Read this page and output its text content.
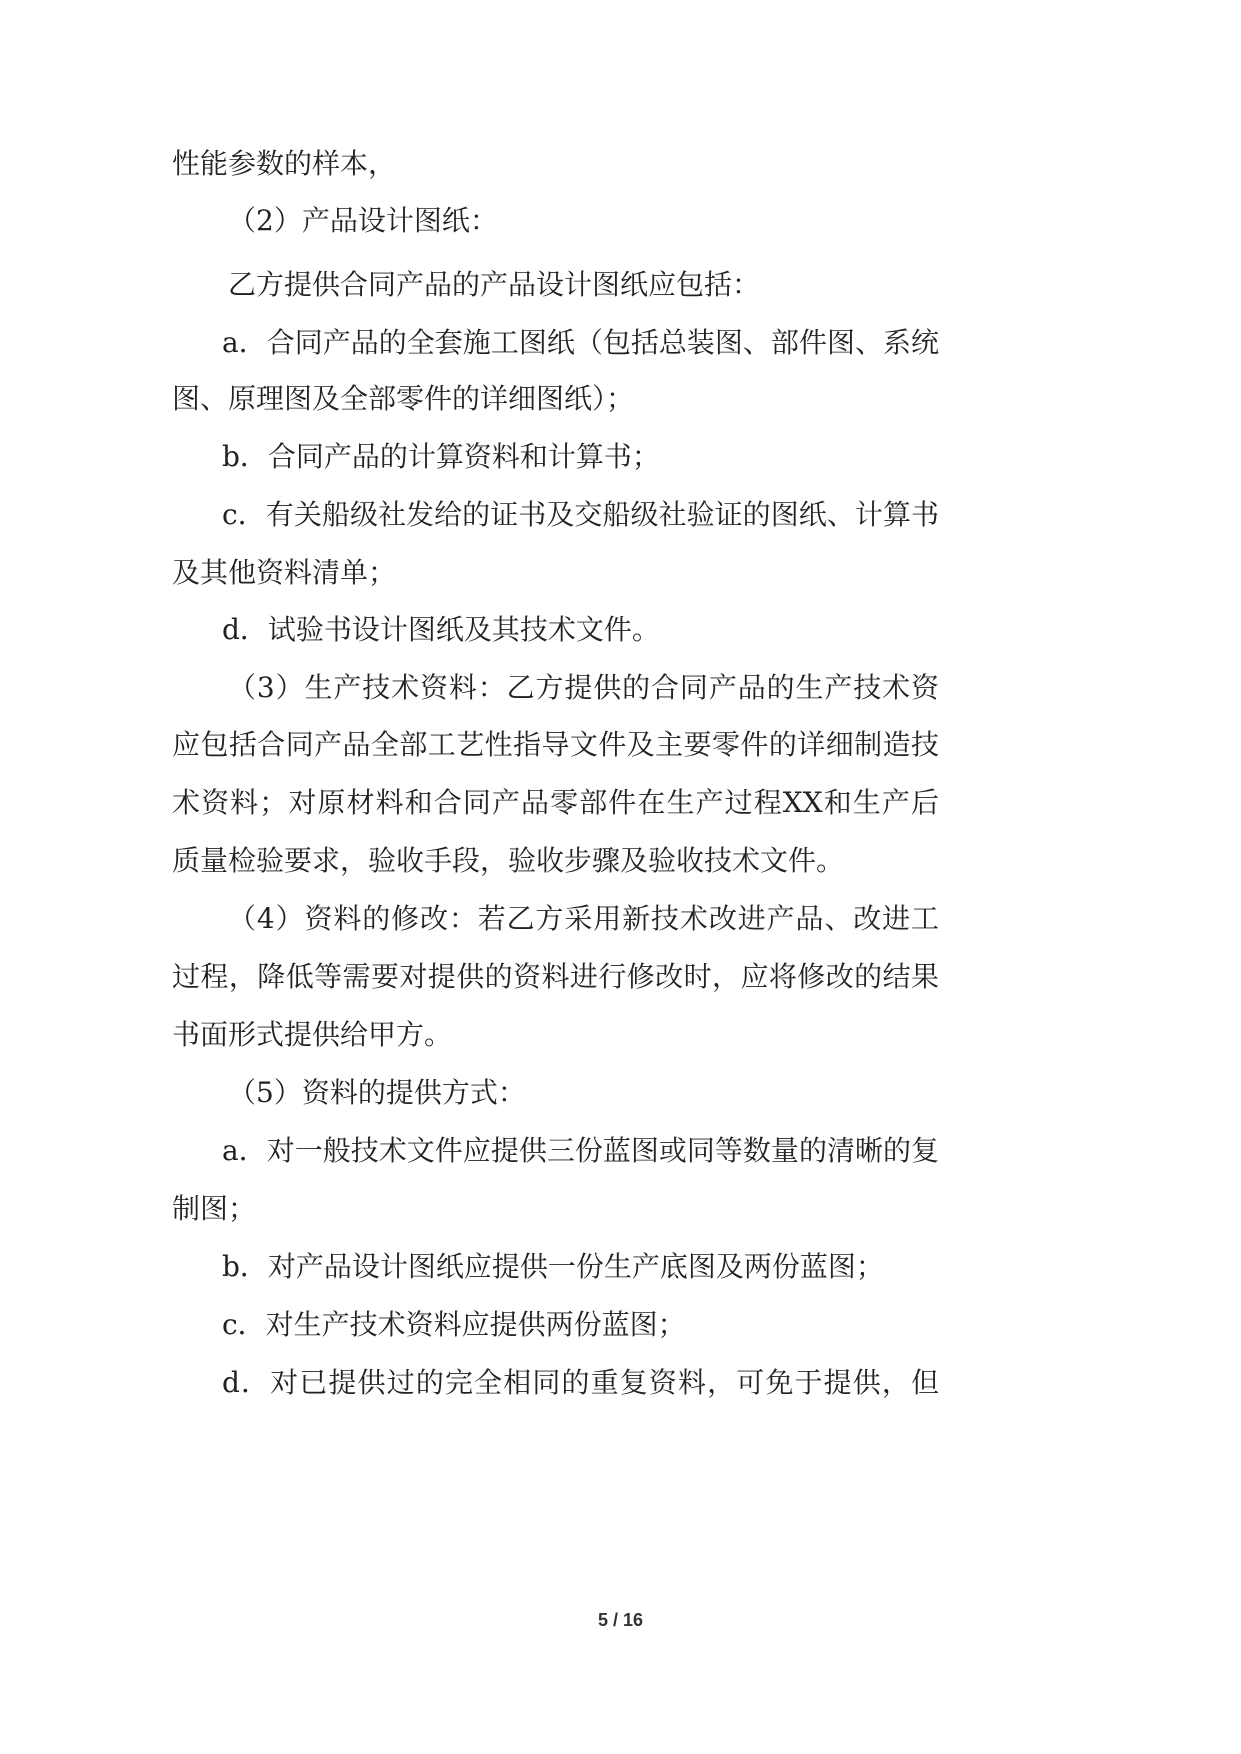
性能参数的样本，
（2）产品设计图纸：
乙方提供合同产品的产品设计图纸应包括：
a．合同产品的全套施工图纸（包括总装图、部件图、系统
图、原理图及全部零件的详细图纸）；
b．合同产品的计算资料和计算书；
c．有关船级社发给的证书及交船级社验证的图纸、计算书
及其他资料清单；
d．试验书设计图纸及其技术文件。
（3）生产技术资料：乙方提供的合同产品的生产技术资
应包括合同产品全部工艺性指导文件及主要零件的详细制造技
术资料；对原材料和合同产品零部件在生产过程XX和生产后
质量检验要求，验收手段，验收步骤及验收技术文件。
（4）资料的修改：若乙方采用新技术改进产品、改进工
过程，降低等需要对提供的资料进行修改时，应将修改的结果
书面形式提供给甲方。
（5）资料的提供方式：
a．对一般技术文件应提供三份蓝图或同等数量的清晰的复
制图；
b．对产品设计图纸应提供一份生产底图及两份蓝图；
c．对生产技术资料应提供两份蓝图；
d．对已提供过的完全相同的重复资料，可免于提供，但
5 / 16
